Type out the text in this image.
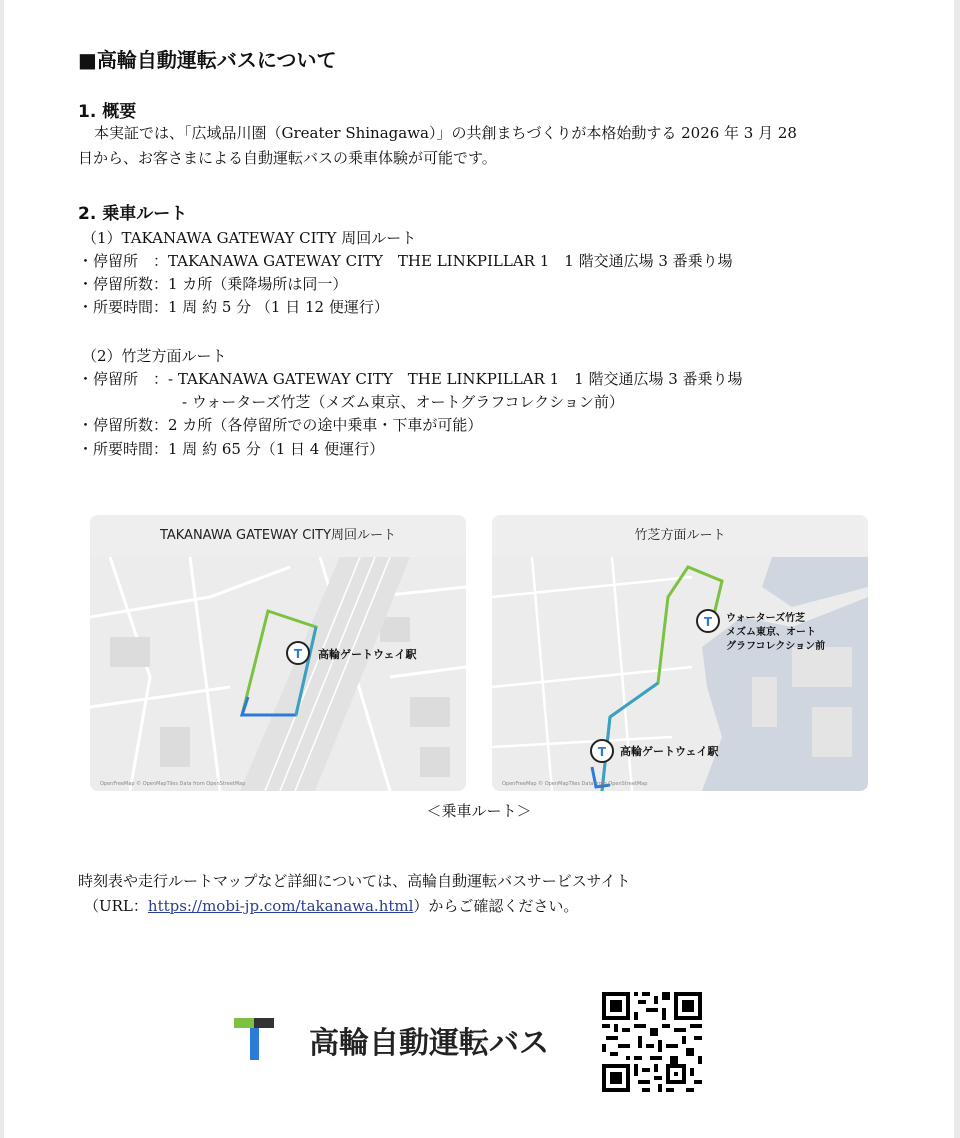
■高輪自動運転バスについて
1. 概要
本実証では、「広域品川圏（Greater Shinagawa）」の共創まちづくりが本格始動する 2026 年 3 月 28
日から、お客さまによる自動運転バスの乗車体験が可能です。
2. 乗車ルート
（1）TAKANAWA GATEWAY CITY 周回ルート
・停留所　：TAKANAWA GATEWAY CITY　THE LINKPILLAR 1　1 階交通広場 3 番乗り場
・停留所数：1 カ所（乗降場所は同一）
・所要時間：1 周 約 5 分 （1 日 12 便運行）
（2）竹芝方面ルート
・停留所　：- TAKANAWA GATEWAY CITY　THE LINKPILLAR 1　1 階交通広場 3 番乗り場
- ウォーターズ竹芝（メズム東京、オートグラフコレクション前）
・停留所数：2 カ所（各停留所での途中乗車・下車が可能）
・所要時間：1 周 約 65 分（1 日 4 便運行）
TAKANAWA GATEWAY CITY周回ルート
T 高輪ゲートウェイ駅
OpenFreeMap © OpenMapTiles Data from OpenStreetMap
竹芝方面ルート
T ウォーターズ竹芝
メズム東京、オート
グラフコレクション前
T 高輪ゲートウェイ駅
OpenFreeMap © OpenMapTiles Data from OpenStreetMap
＜乗車ルート＞
時刻表や走行ルートマップなど詳細については、高輪自動運転バスサービスサイト
（URL：https://mobi-jp.com/takanawa.html）からご確認ください。
高輪自動運転バス
